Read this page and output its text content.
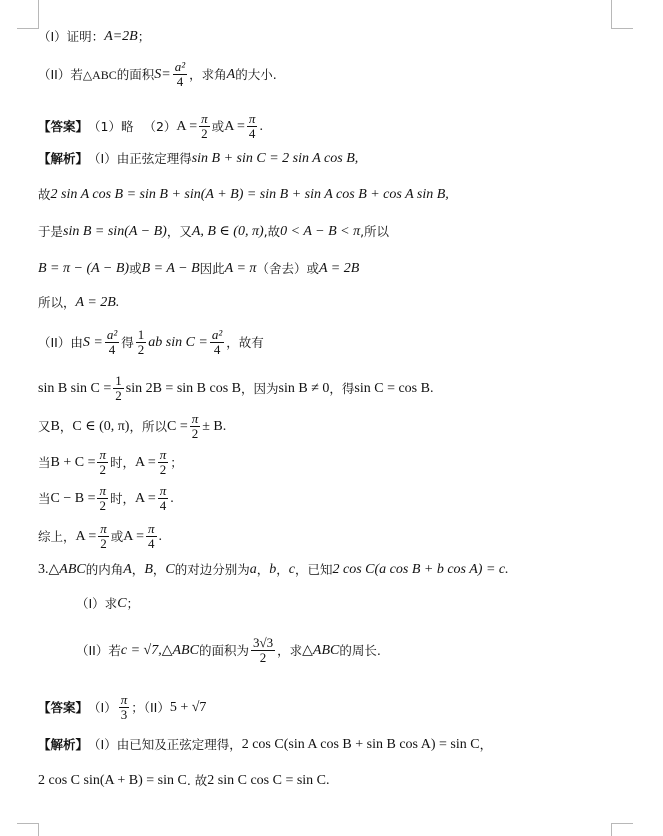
（I）证明： A=2B ；
（II）若 △ABC 的面积 $S= \frac{\text{a²}}{4}$ ，求角 A 的大小.
【答案】 （1）略 （2） $A = \frac{\pi}{2}$ 或 $A = \frac{\pi}{4}$ .
【解析】 （I）由正弦定理得 sin B + sin C = 2 sin A cos B,
故 2 sin A cos B = sin B + sin(A + B) = sin B + sin A cos B + cos A sin B,
于是 sin B = sin(A − B) ，又 A, B ∈ (0, π) ,故 0 < A − B < π ,所以
B = π − (A − B) 或 B = A − B 因此 A = π （舍去）或 A = 2B
所以， A = 2B.
（II）由 $S = \frac{\text{a²}}{4}$ 得 $\frac{1}{2}$ ab $\sin C = \frac{\text{a²}}{4}$ ，故有
sin B $\sin C = \frac{1}{2}$ sin 2B = sin B cos B ，因为 sin B ≠ 0 ，得 sin C = cos B .
又 B ， C ∈ (0, π) ，所以 $C = \frac{\pi}{2} \pm B$ .
当 $B + C = \frac{\pi}{2}$ 时， $A = \frac{\pi}{2}$ ；
当 $C - B = \frac{\pi}{2}$ 时， $A = \frac{\pi}{4}$ .
综上， $A = \frac{\pi}{2}$ 或 $A = \frac{\pi}{4}$ .
3. △ABC 的内角 A ， B ， C 的对边分别为 a ， b ， c ，已知 2 cos C(a cos B + b cos A) = c.
（I）求 C ；
（II）若 c = √7, △ABC 的面积为 $\frac{3√3}{2}$ ，求 △ABC 的周长.
【答案】 $(I) \frac{\pi}{3}$ ；（II） 5 + √7
【解析】 （I）由已知及正弦定理得， 2 cos C(sin A cos B + sin B cos A) = sin C ，
2 cos C sin(A + B) = sin C . 故 2 sin C cos C = sin C .
